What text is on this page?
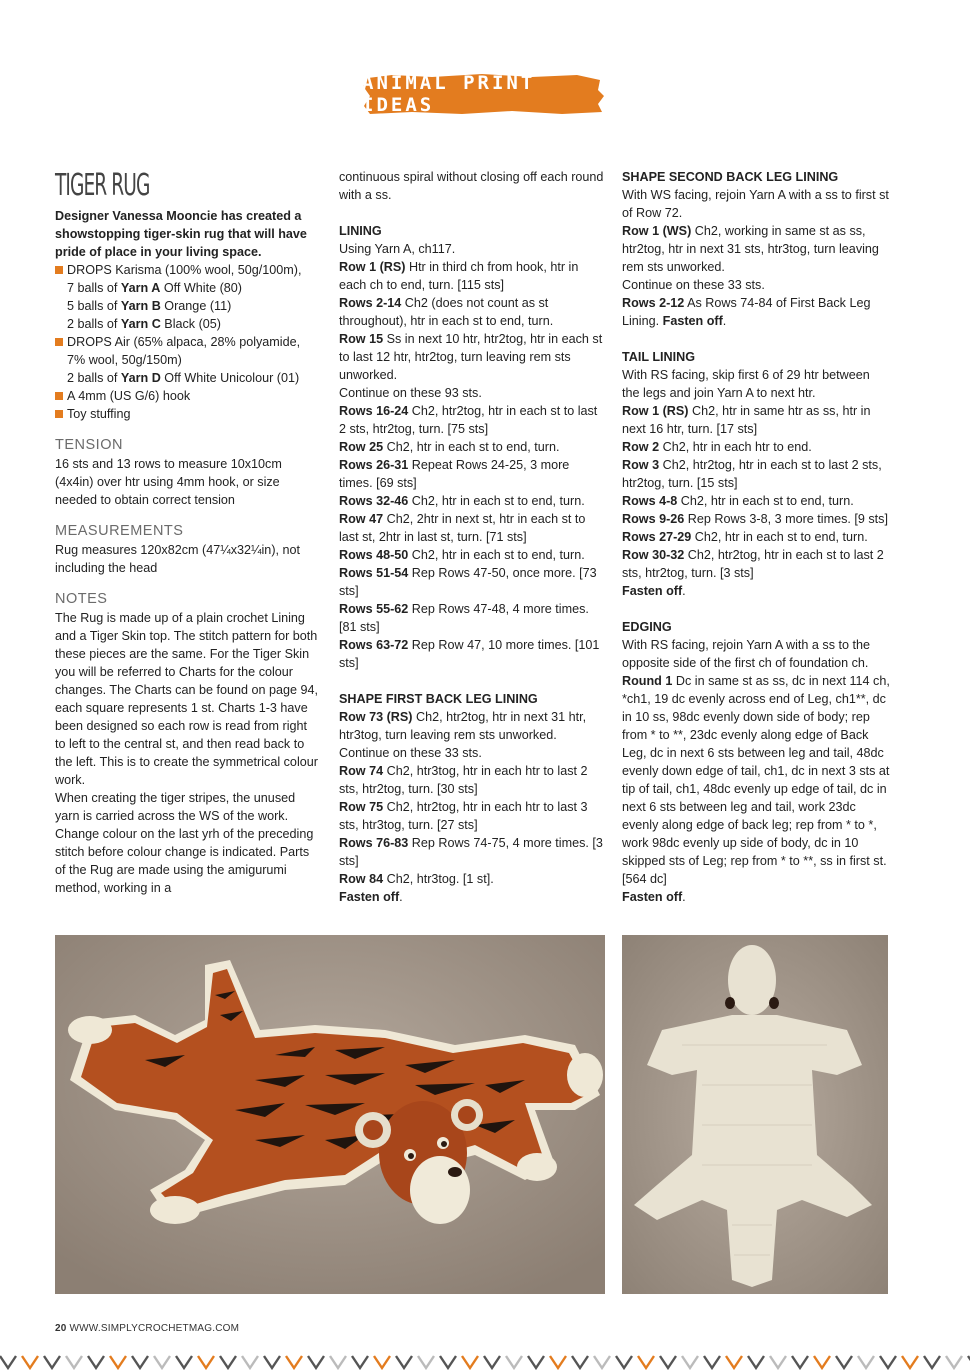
ANIMAL PRINT IDEAS
TIGER RUG

Designer Vanessa Mooncie has created a showstopping tiger-skin rug that will have pride of place in your living space.

DROPS Karisma (100% wool, 50g/100m),
7 balls of Yarn A Off White (80)
5 balls of Yarn B Orange (11)
2 balls of Yarn C Black (05)
DROPS Air (65% alpaca, 28% polyamide,
7% wool, 50g/150m)
2 balls of Yarn D Off White Unicolour (01)
A 4mm (US G/6) hook
Toy stuffing
TENSION

16 sts and 13 rows to measure 10x10cm (4x4in) over htr using 4mm hook, or size needed to obtain correct tension

MEASUREMENTS

Rug measures 120x82cm (47¼x32¼in), not including the head

NOTES

The Rug is made up of a plain crochet Lining and a Tiger Skin top. The stitch pattern for both these pieces are the same. For the Tiger Skin you will be referred to Charts for the colour changes. The Charts can be found on page 94, each square represents 1 st. Charts 1-3 have been designed so each row is read from right to left to the central st, and then read back to the left. This is to create the symmetrical colour work.

When creating the tiger stripes, the unused yarn is carried across the WS of the work. Change colour on the last yrh of the preceding stitch before colour change is indicated. Parts of the Rug are made using the amigurumi method, working in a

continuous spiral without closing off each round with a ss.

LINING

Using Yarn A, ch117.

Row 1 (RS) Htr in third ch from hook, htr in each ch to end, turn. [115 sts]

Rows 2-14 Ch2 (does not count as st throughout), htr in each st to end, turn.

Row 15 Ss in next 10 htr, htr2tog, htr in each st to last 12 htr, htr2tog, turn leaving rem sts unworked.

Continue on these 93 sts.

Rows 16-24 Ch2, htr2tog, htr in each st to last 2 sts, htr2tog, turn. [75 sts]

Row 25 Ch2, htr in each st to end, turn.

Rows 26-31 Repeat Rows 24-25, 3 more times. [69 sts]

Rows 32-46 Ch2, htr in each st to end, turn.

Row 47 Ch2, 2htr in next st, htr in each st to last st, 2htr in last st, turn. [71 sts]

Rows 48-50 Ch2, htr in each st to end, turn.

Rows 51-54 Rep Rows 47-50, once more. [73 sts]

Rows 55-62 Rep Rows 47-48, 4 more times. [81 sts]

Rows 63-72 Rep Row 47, 10 more times. [101 sts]

SHAPE FIRST BACK LEG LINING

Row 73 (RS) Ch2, htr2tog, htr in next 31 htr, htr3tog, turn leaving rem sts unworked.

Continue on these 33 sts.

Row 74 Ch2, htr3tog, htr in each htr to last 2 sts, htr2tog, turn. [30 sts]

Row 75 Ch2, htr2tog, htr in each htr to last 3 sts, htr3tog, turn. [27 sts]

Rows 76-83 Rep Rows 74-75, 4 more times. [3 sts]

Row 84 Ch2, htr3tog. [1 st].

Fasten off.

SHAPE SECOND BACK LEG LINING

With WS facing, rejoin Yarn A with a ss to first st of Row 72.

Row 1 (WS) Ch2, working in same st as ss, htr2tog, htr in next 31 sts, htr3tog, turn leaving rem sts unworked.

Continue on these 33 sts.

Rows 2-12 As Rows 74-84 of First Back Leg Lining. Fasten off.

TAIL LINING

With RS facing, skip first 6 of 29 htr between the legs and join Yarn A to next htr.

Row 1 (RS) Ch2, htr in same htr as ss, htr in next 16 htr, turn. [17 sts]

Row 2 Ch2, htr in each htr to end.

Row 3 Ch2, htr2tog, htr in each st to last 2 sts, htr2tog, turn. [15 sts]

Rows 4-8 Ch2, htr in each st to end, turn.

Rows 9-26 Rep Rows 3-8, 3 more times. [9 sts]

Rows 27-29 Ch2, htr in each st to end, turn.

Row 30-32 Ch2, htr2tog, htr in each st to last 2 sts, htr2tog, turn. [3 sts]

Fasten off.

EDGING

With RS facing, rejoin Yarn A with a ss to the opposite side of the first ch of foundation ch.

Round 1 Dc in same st as ss, dc in next 114 ch, *ch1, 19 dc evenly across end of Leg, ch1**, dc in 10 ss, 98dc evenly down side of body; rep from * to **, 23dc evenly along edge of Back Leg, dc in next 6 sts between leg and tail, 48dc evenly down edge of tail, ch1, dc in next 3 sts at tip of tail, ch1, 48dc evenly up edge of tail, dc in next 6 sts between leg and tail, work 23dc evenly along edge of back leg; rep from * to *, work 98dc evenly up side of body, dc in 10 skipped sts of Leg; rep from * to **, ss in first st. [564 dc]

Fasten off.

20 WWW.SIMPLYCROCHETMAG.COM
